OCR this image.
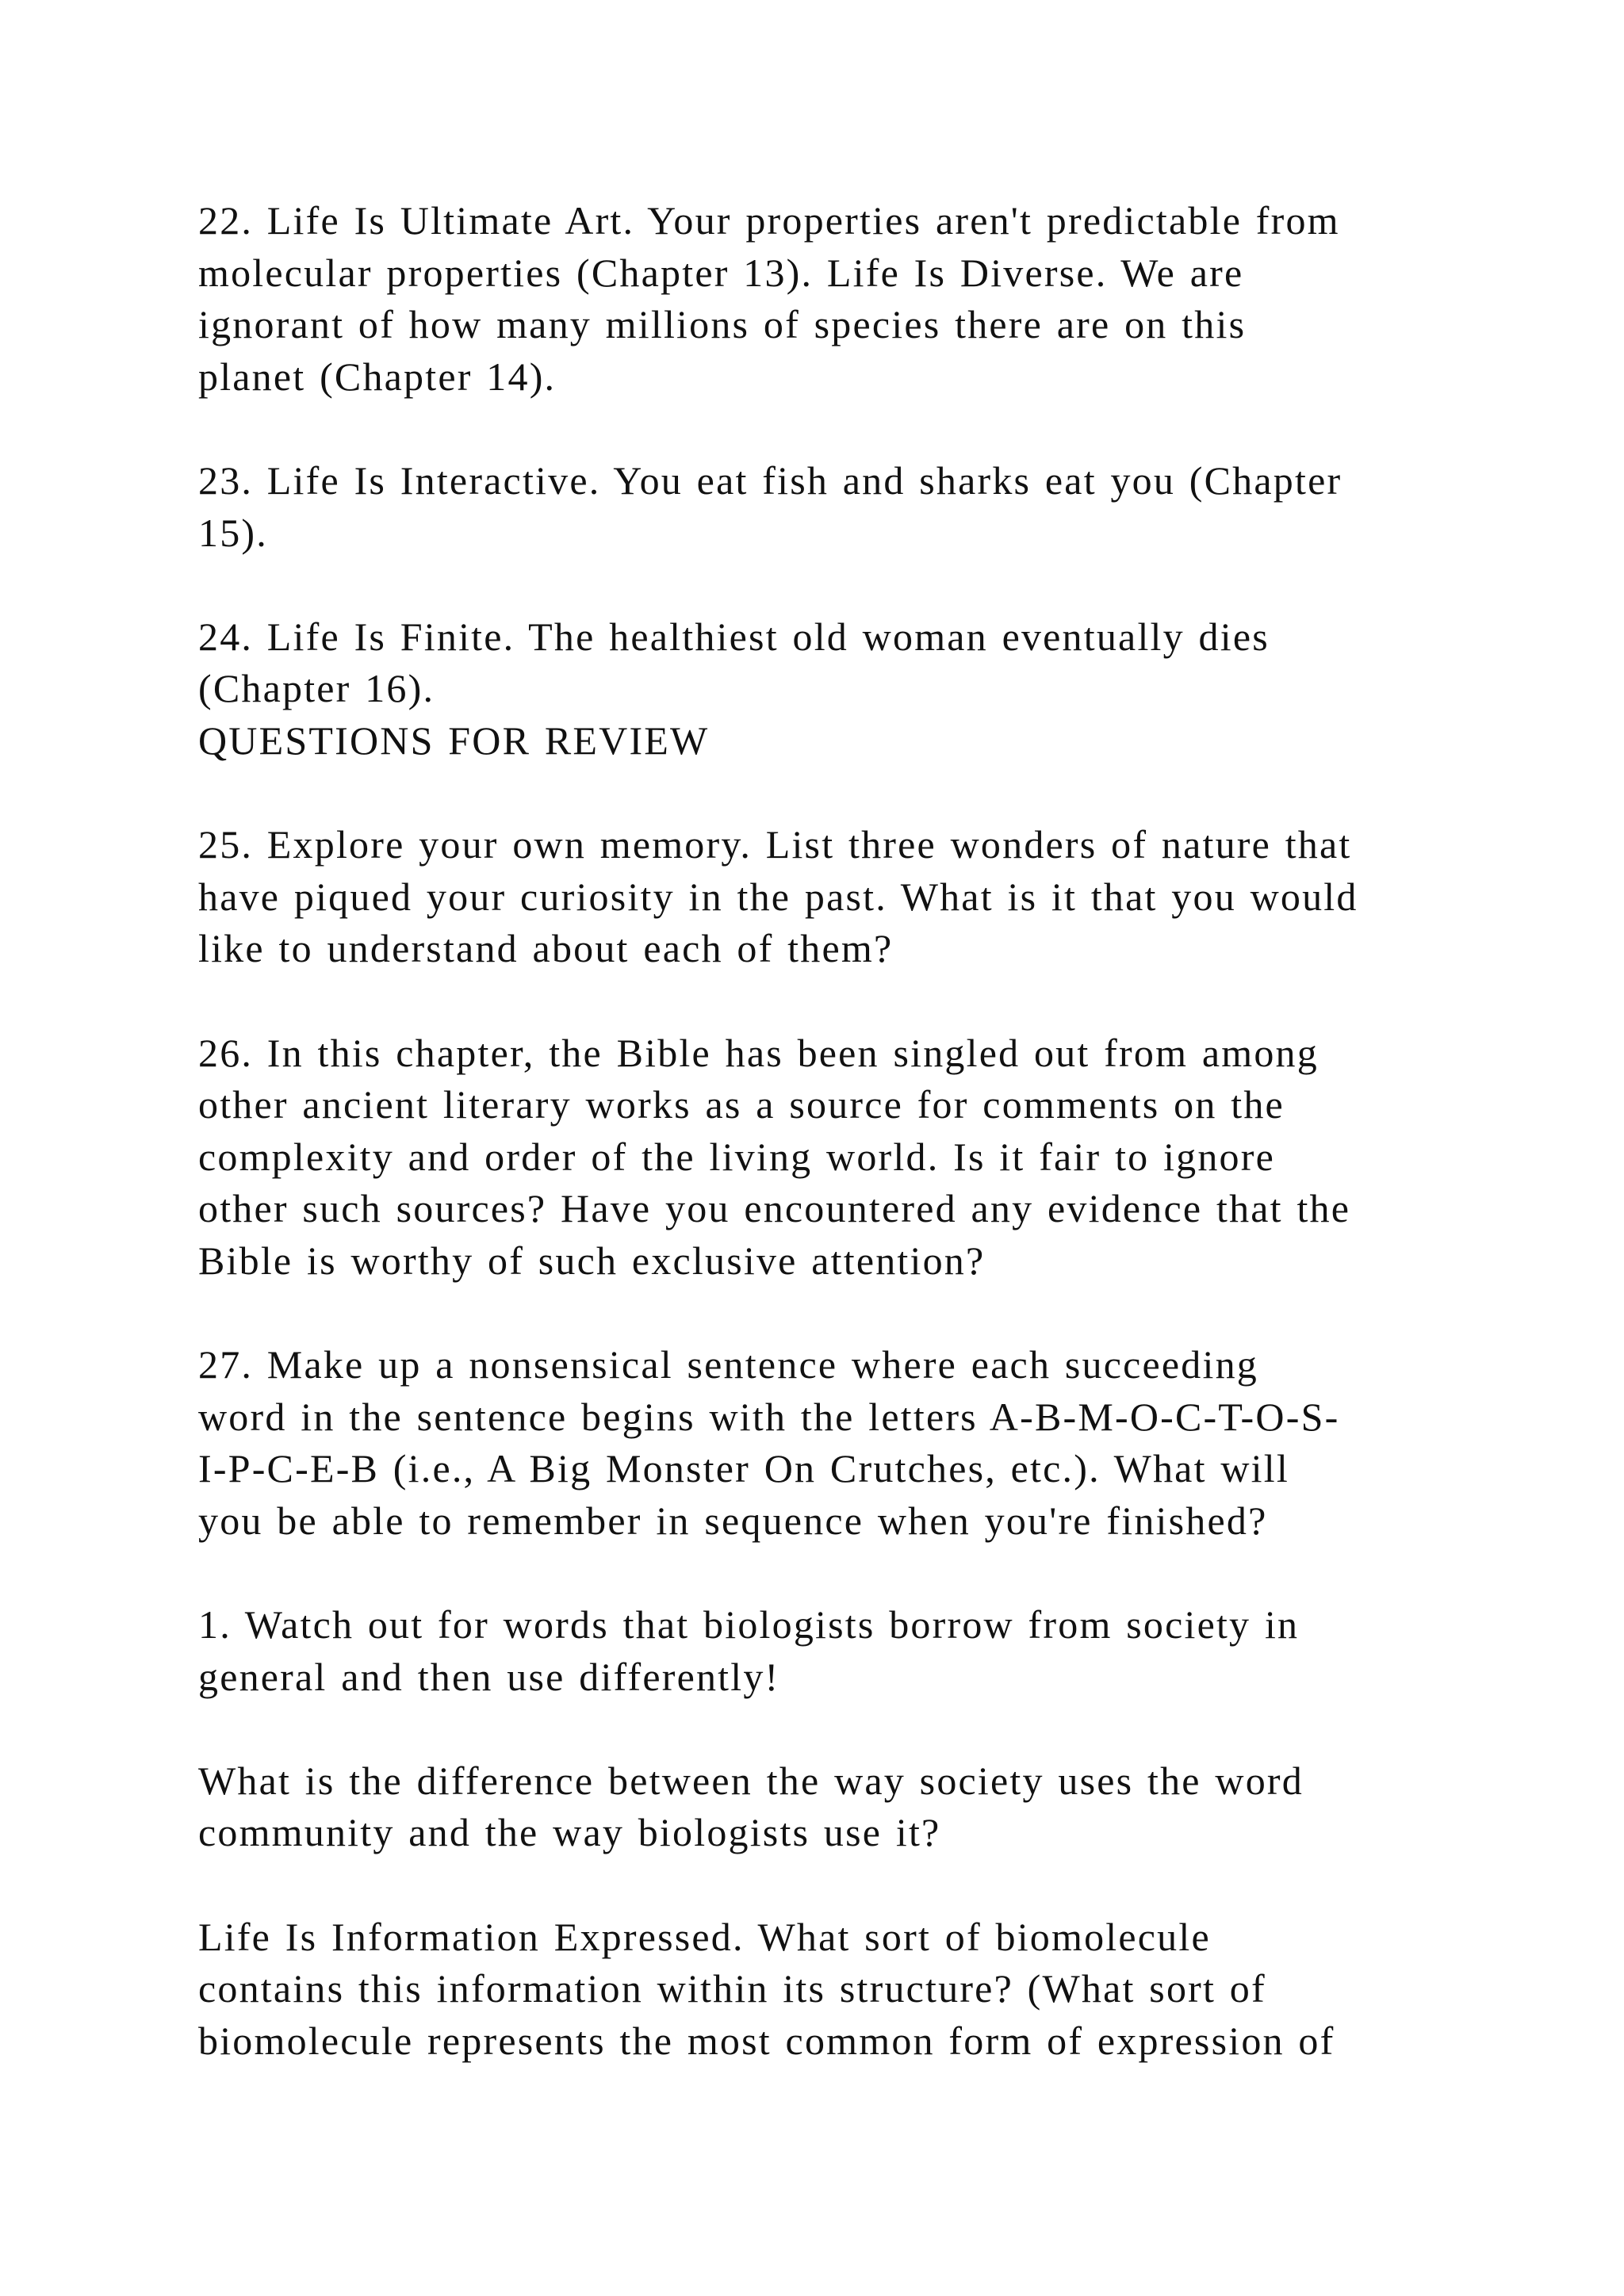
22. Life Is Ultimate Art. Your properties aren't predictable from
molecular properties (Chapter 13). Life Is Diverse. We are
ignorant of how many millions of species there are on this
planet (Chapter 14).
23. Life Is Interactive. You eat fish and sharks eat you (Chapter
15).
24. Life Is Finite. The healthiest old woman eventually dies
(Chapter 16).
QUESTIONS FOR REVIEW
25. Explore your own memory. List three wonders of nature that
have piqued your curiosity in the past. What is it that you would
like to understand about each of them?
26. In this chapter, the Bible has been singled out from among
other ancient literary works as a source for comments on the
complexity and order of the living world. Is it fair to ignore
other such sources? Have you encountered any evidence that the
Bible is worthy of such exclusive attention?
27. Make up a nonsensical sentence where each succeeding
word in the sentence begins with the letters A-B-M-O-C-T-O-S-
I-P-C-E-B (i.e., A Big Monster On Crutches, etc.). What will
you be able to remember in sequence when you're finished?
1. Watch out for words that biologists borrow from society in
general and then use differently!
What is the difference between the way society uses the word
community and the way biologists use it?
Life Is Information Expressed. What sort of biomolecule
contains this information within its structure? (What sort of
biomolecule represents the most common form of expression of
